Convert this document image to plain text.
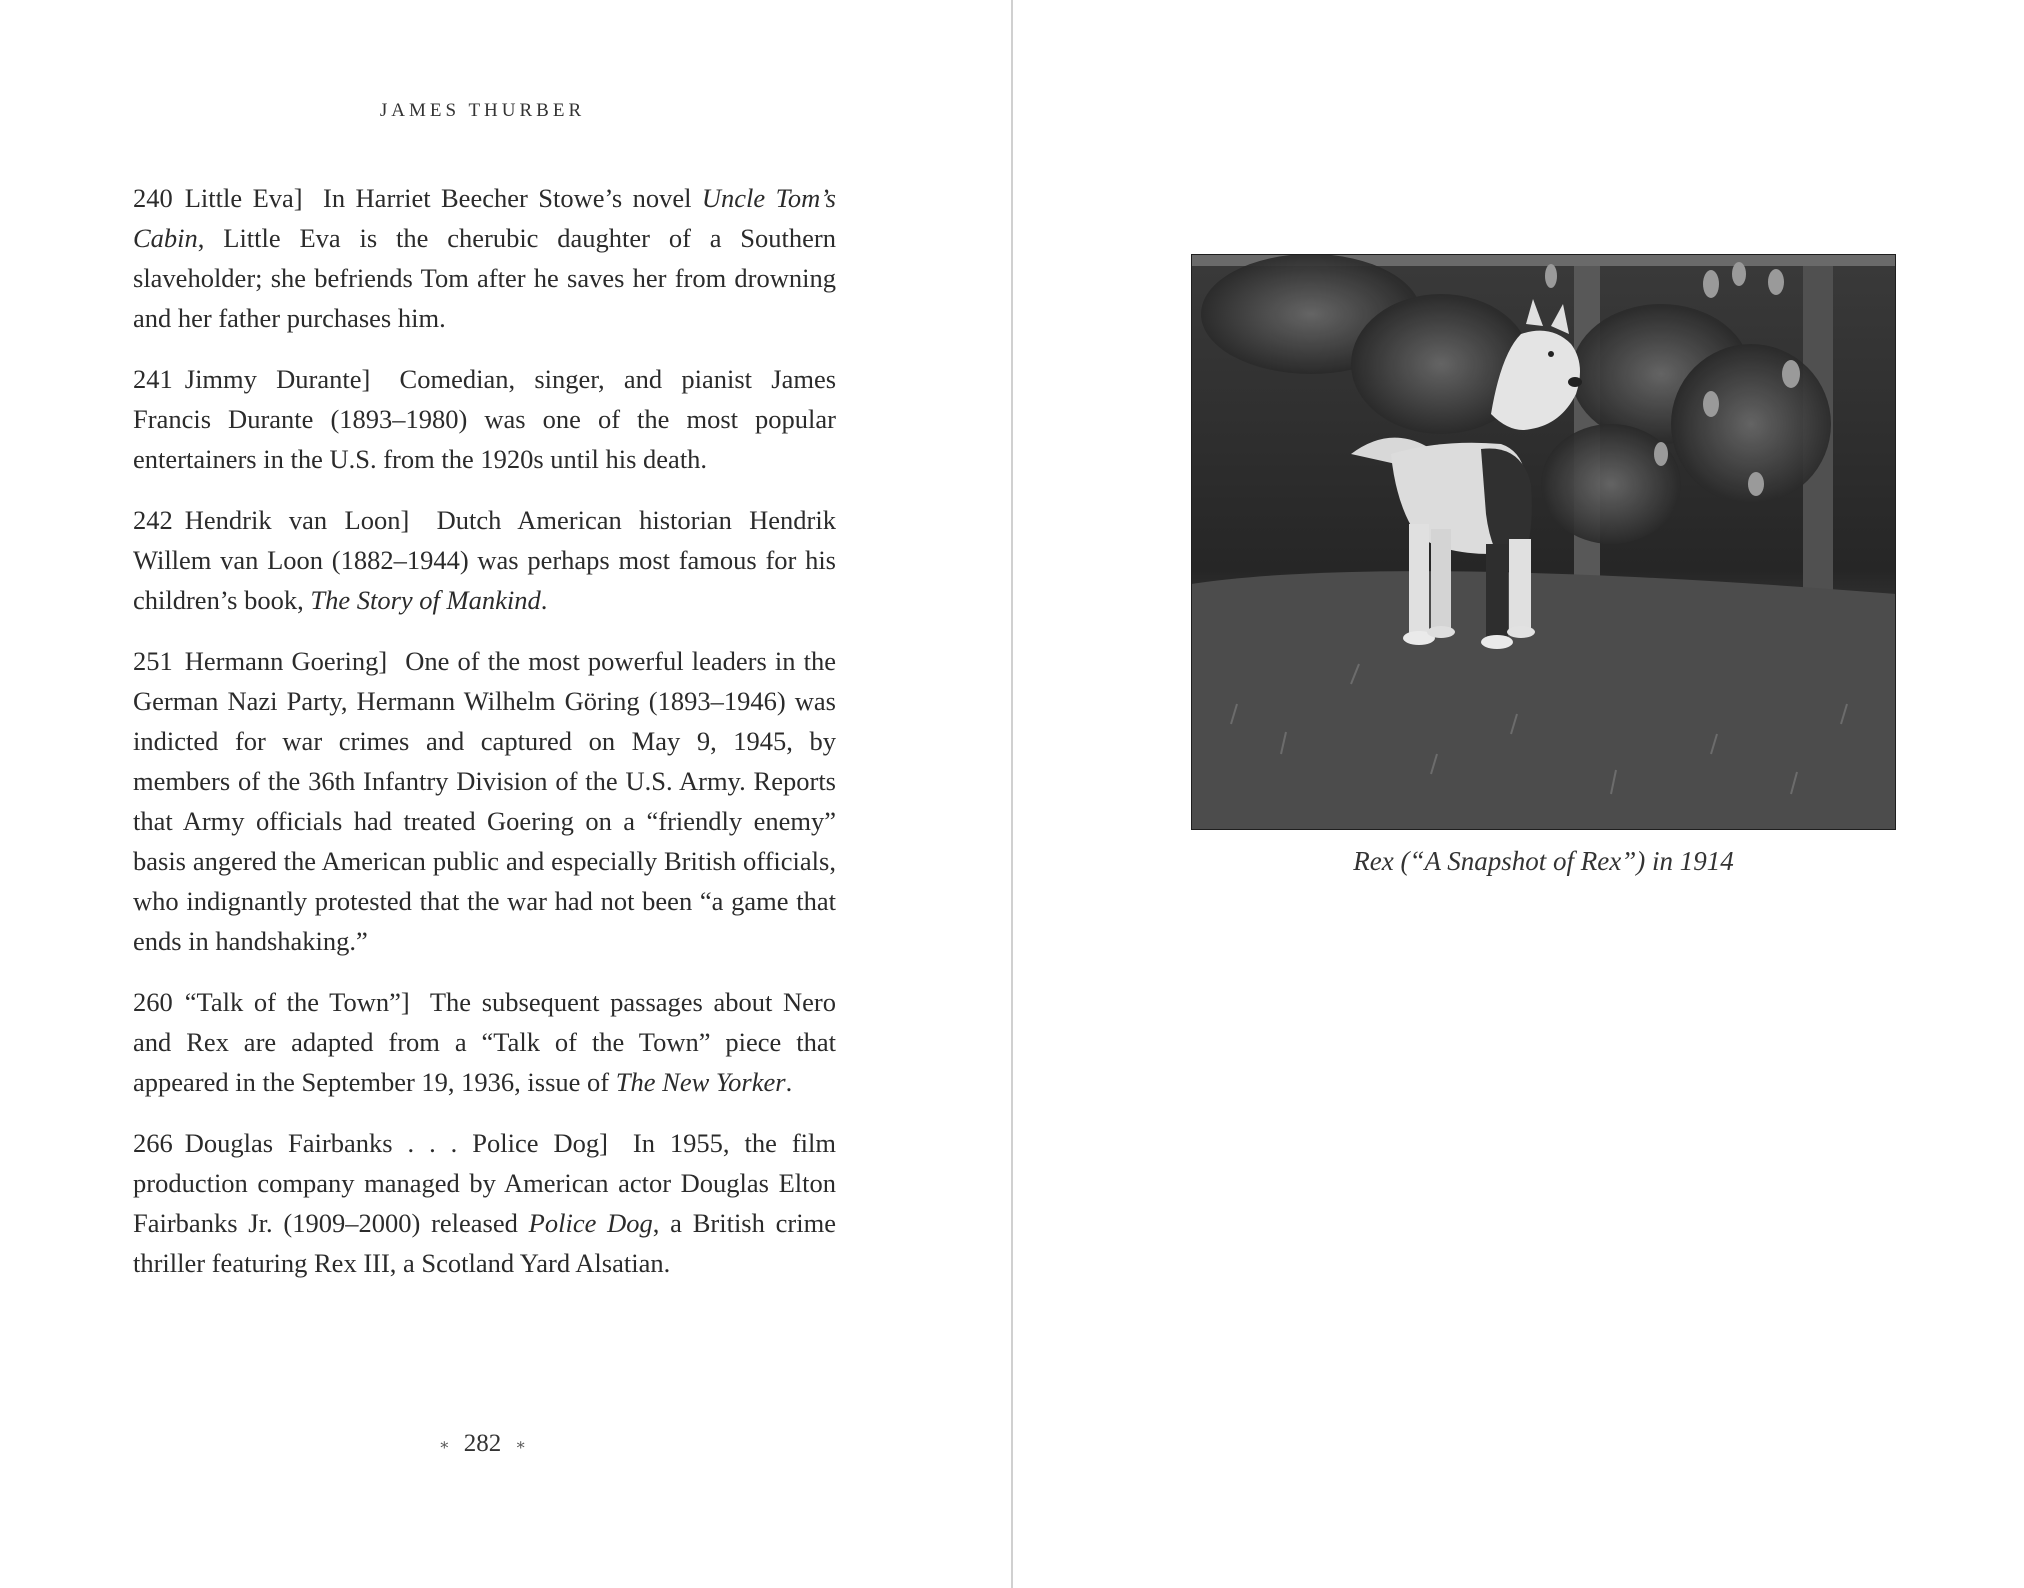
JAMES THURBER

240 Little Eva] In Harriet Beecher Stowe’s novel Uncle Tom’s Cabin, Little Eva is the cherubic daughter of a Southern slaveholder; she befriends Tom after he saves her from drowning and her father purchases him.

241 Jimmy Durante] Comedian, singer, and pianist James Francis Durante (1893–1980) was one of the most popular entertainers in the U.S. from the 1920s until his death.

242 Hendrik van Loon] Dutch American historian Hendrik Willem van Loon (1882–1944) was perhaps most famous for his children’s book, The Story of Mankind.

251 Hermann Goering] One of the most powerful leaders in the German Nazi Party, Hermann Wilhelm Göring (1893–1946) was indicted for war crimes and captured on May 9, 1945, by members of the 36th Infantry Division of the U.S. Army. Reports that Army officials had treated Goering on a “friendly enemy” basis angered the American public and especially British officials, who indignantly protested that the war had not been “a game that ends in handshaking.”

260 “Talk of the Town”] The subsequent passages about Nero and Rex are adapted from a “Talk of the Town” piece that appeared in the September 19, 1936, issue of The New Yorker.

266 Douglas Fairbanks . . . Police Dog] In 1955, the film production company managed by American actor Douglas Elton Fairbanks Jr. (1909–2000) released Police Dog, a British crime thriller featuring Rex III, a Scotland Yard Alsatian.

∗ 282 ∗
Rex (“A Snapshot of Rex”) in 1914
